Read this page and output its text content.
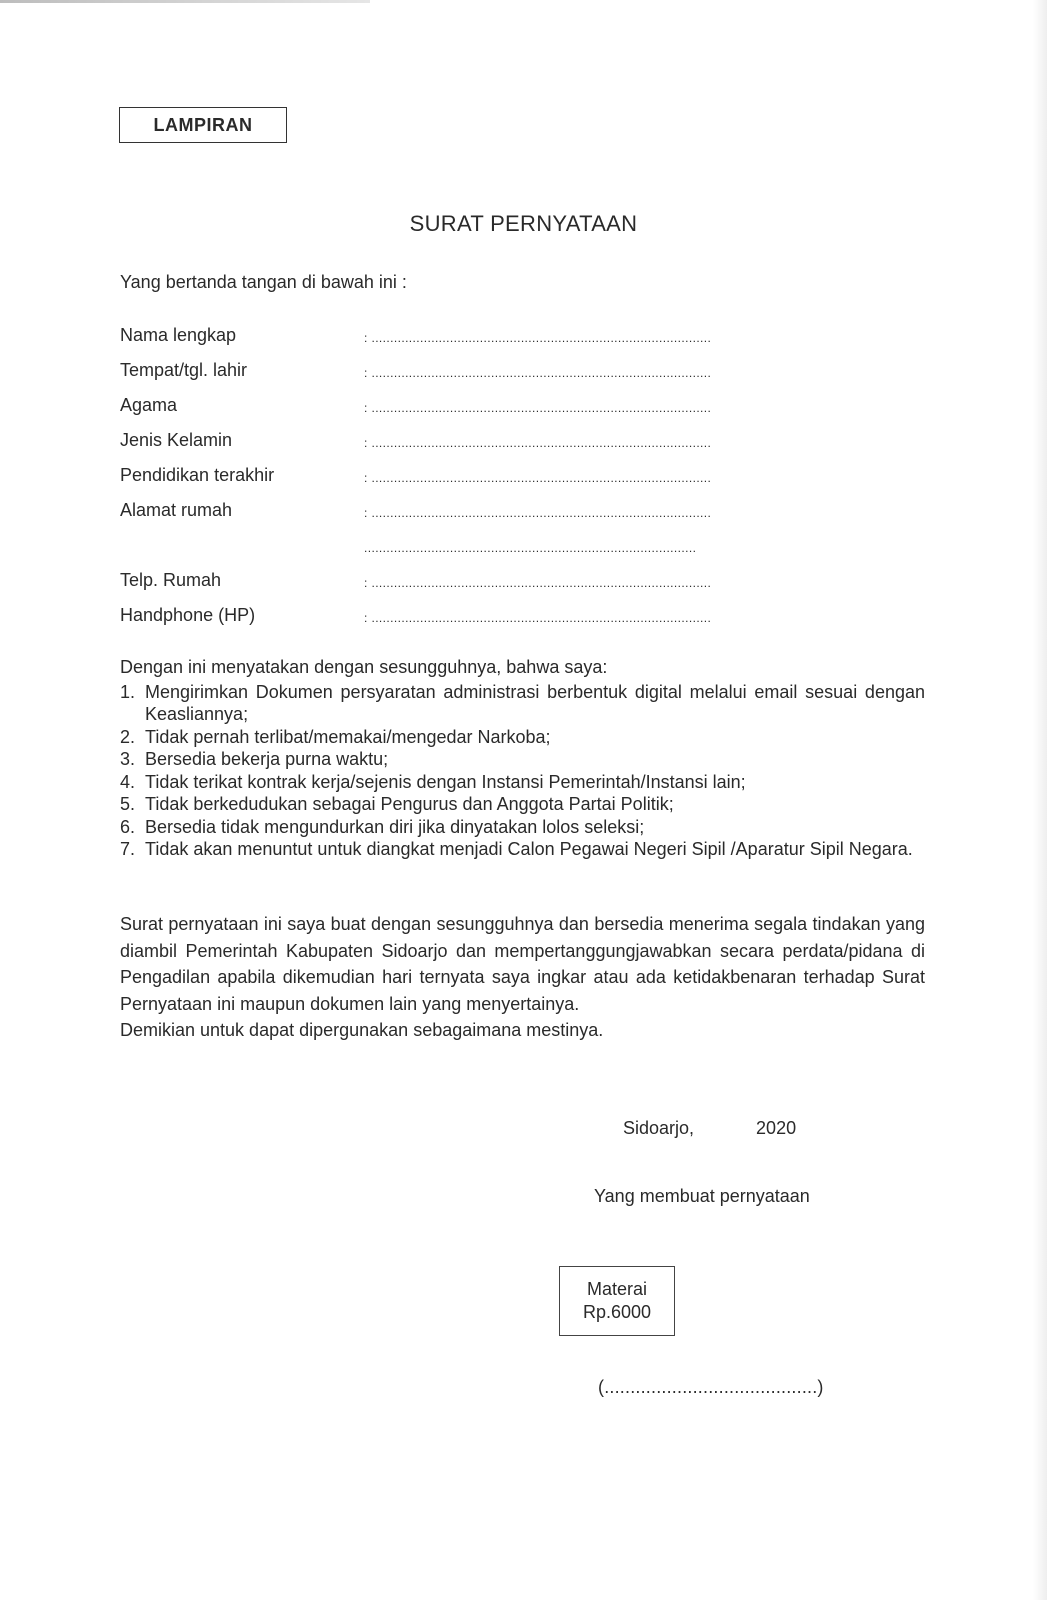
LAMPIRAN
SURAT PERNYATAAN
Yang bertanda tangan di bawah ini :
Nama lengkap	: ...........................................................................................
Tempat/tgl. lahir	: ...........................................................................................
Agama	: ...........................................................................................
Jenis Kelamin	: ...........................................................................................
Pendidikan terakhir	: ...........................................................................................
Alamat rumah	: ...........................................................................................
.........................................................................................
Telp. Rumah	: ...........................................................................................
Handphone (HP)	: ...........................................................................................
Dengan ini menyatakan dengan sesungguhnya, bahwa saya:
1. Mengirimkan Dokumen persyaratan administrasi berbentuk digital melalui email sesuai dengan Keasliannya;
2. Tidak pernah terlibat/memakai/mengedar Narkoba;
3. Bersedia bekerja purna waktu;
4. Tidak terikat kontrak kerja/sejenis dengan Instansi Pemerintah/Instansi lain;
5. Tidak berkedudukan sebagai Pengurus dan Anggota Partai Politik;
6. Bersedia tidak mengundurkan diri jika dinyatakan lolos seleksi;
7. Tidak akan menuntut untuk diangkat menjadi Calon Pegawai Negeri Sipil /Aparatur Sipil Negara.

Surat pernyataan ini saya buat dengan sesungguhnya dan bersedia menerima segala tindakan yang diambil Pemerintah Kabupaten Sidoarjo dan mempertanggungjawabkan secara perdata/pidana di Pengadilan apabila dikemudian hari ternyata saya ingkar atau ada ketidakbenaran terhadap Surat Pernyataan ini maupun dokumen lain yang menyertainya.

Demikian untuk dapat dipergunakan sebagaimana mestinya.

Sidoarjo,	2020
Yang membuat pernyataan
Materai
Rp.6000
(.........................................)
